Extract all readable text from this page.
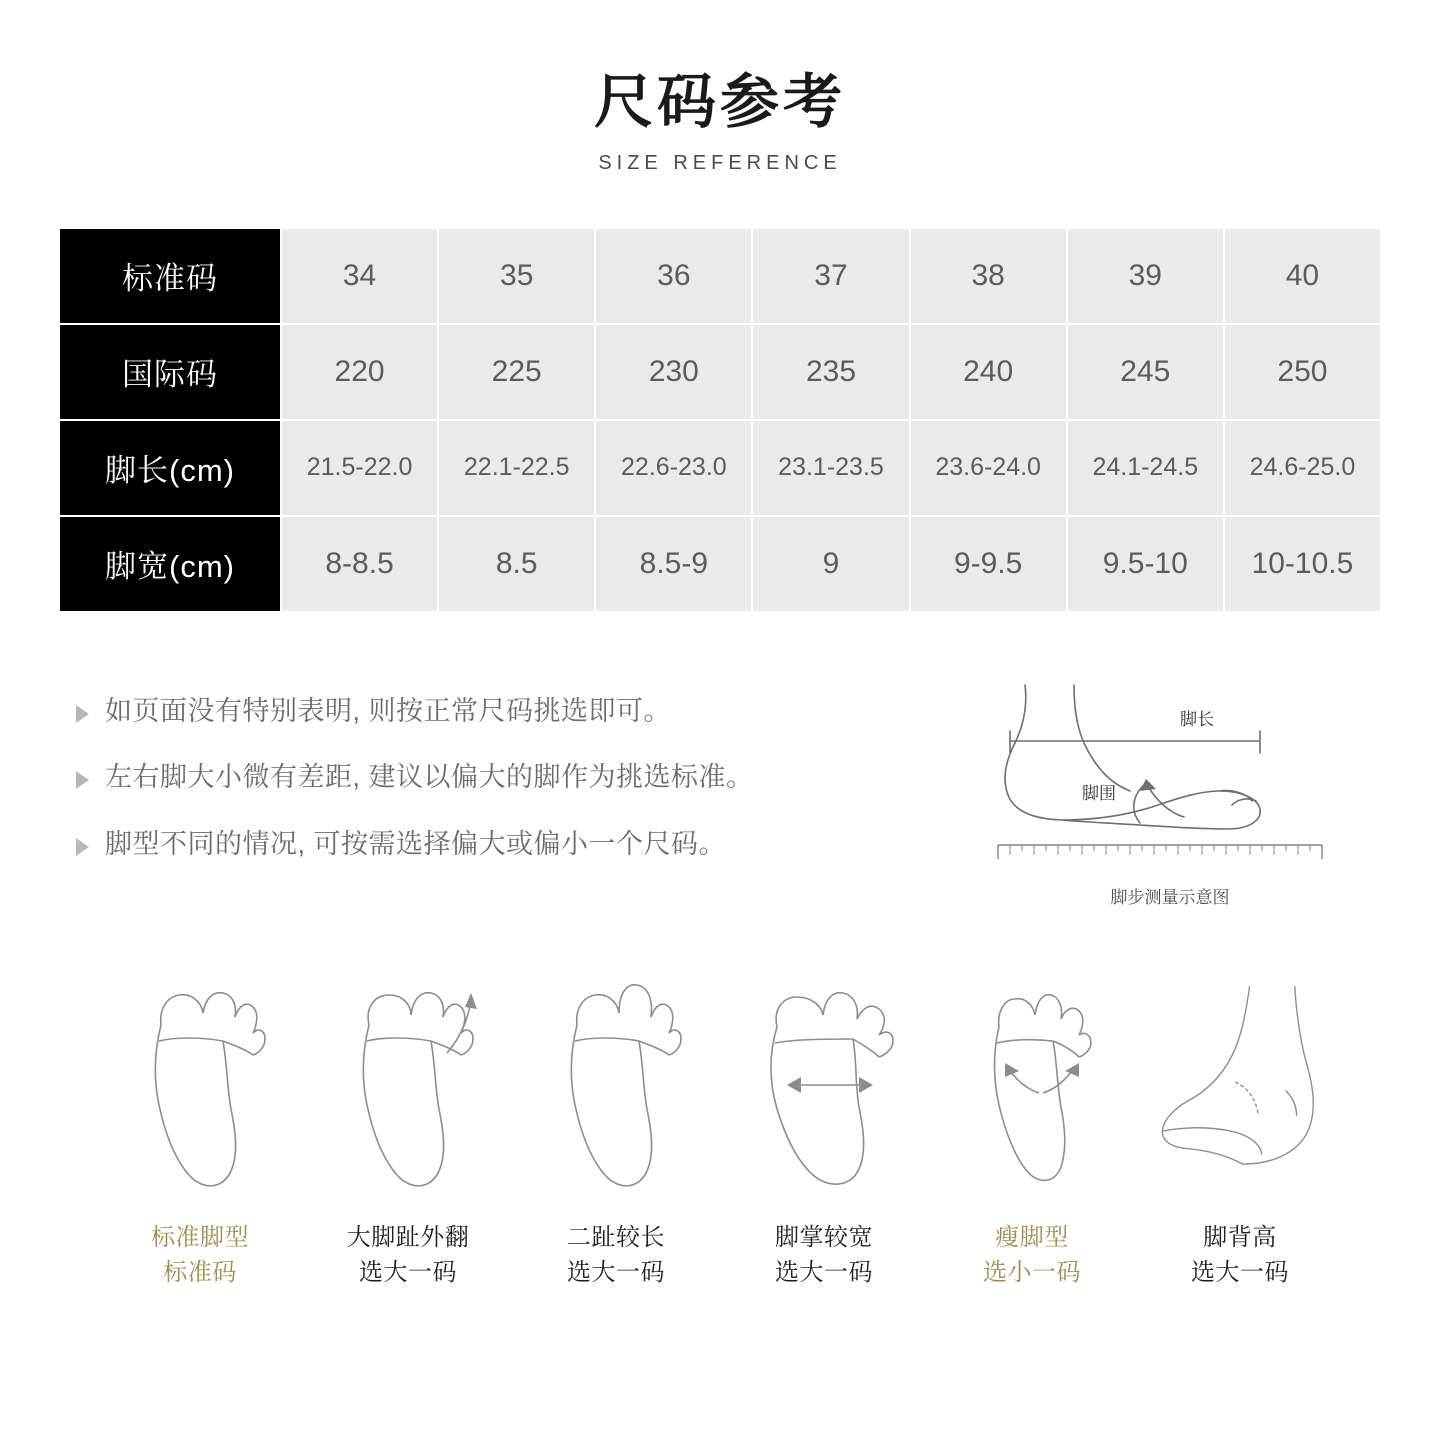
尺码参考
SIZE REFERENCE
标准码	34	35	36	37	38	39	40
国际码	220	225	230	235	240	245	250
脚长(cm)	21.5-22.0	22.1-22.5	22.6-23.0	23.1-23.5	23.6-24.0	24.1-24.5	24.6-25.0
脚宽(cm)	8-8.5	8.5	8.5-9	9	9-9.5	9.5-10	10-10.5
如页面没有特别表明, 则按正常尺码挑选即可。
左右脚大小微有差距, 建议以偏大的脚作为挑选标准。
脚型不同的情况, 可按需选择偏大或偏小一个尺码。
脚长
脚围
脚步测量示意图
标准脚型
标准码
大脚趾外翻
选大一码
二趾较长
选大一码
脚掌较宽
选大一码
瘦脚型
选小一码
脚背高
选大一码
